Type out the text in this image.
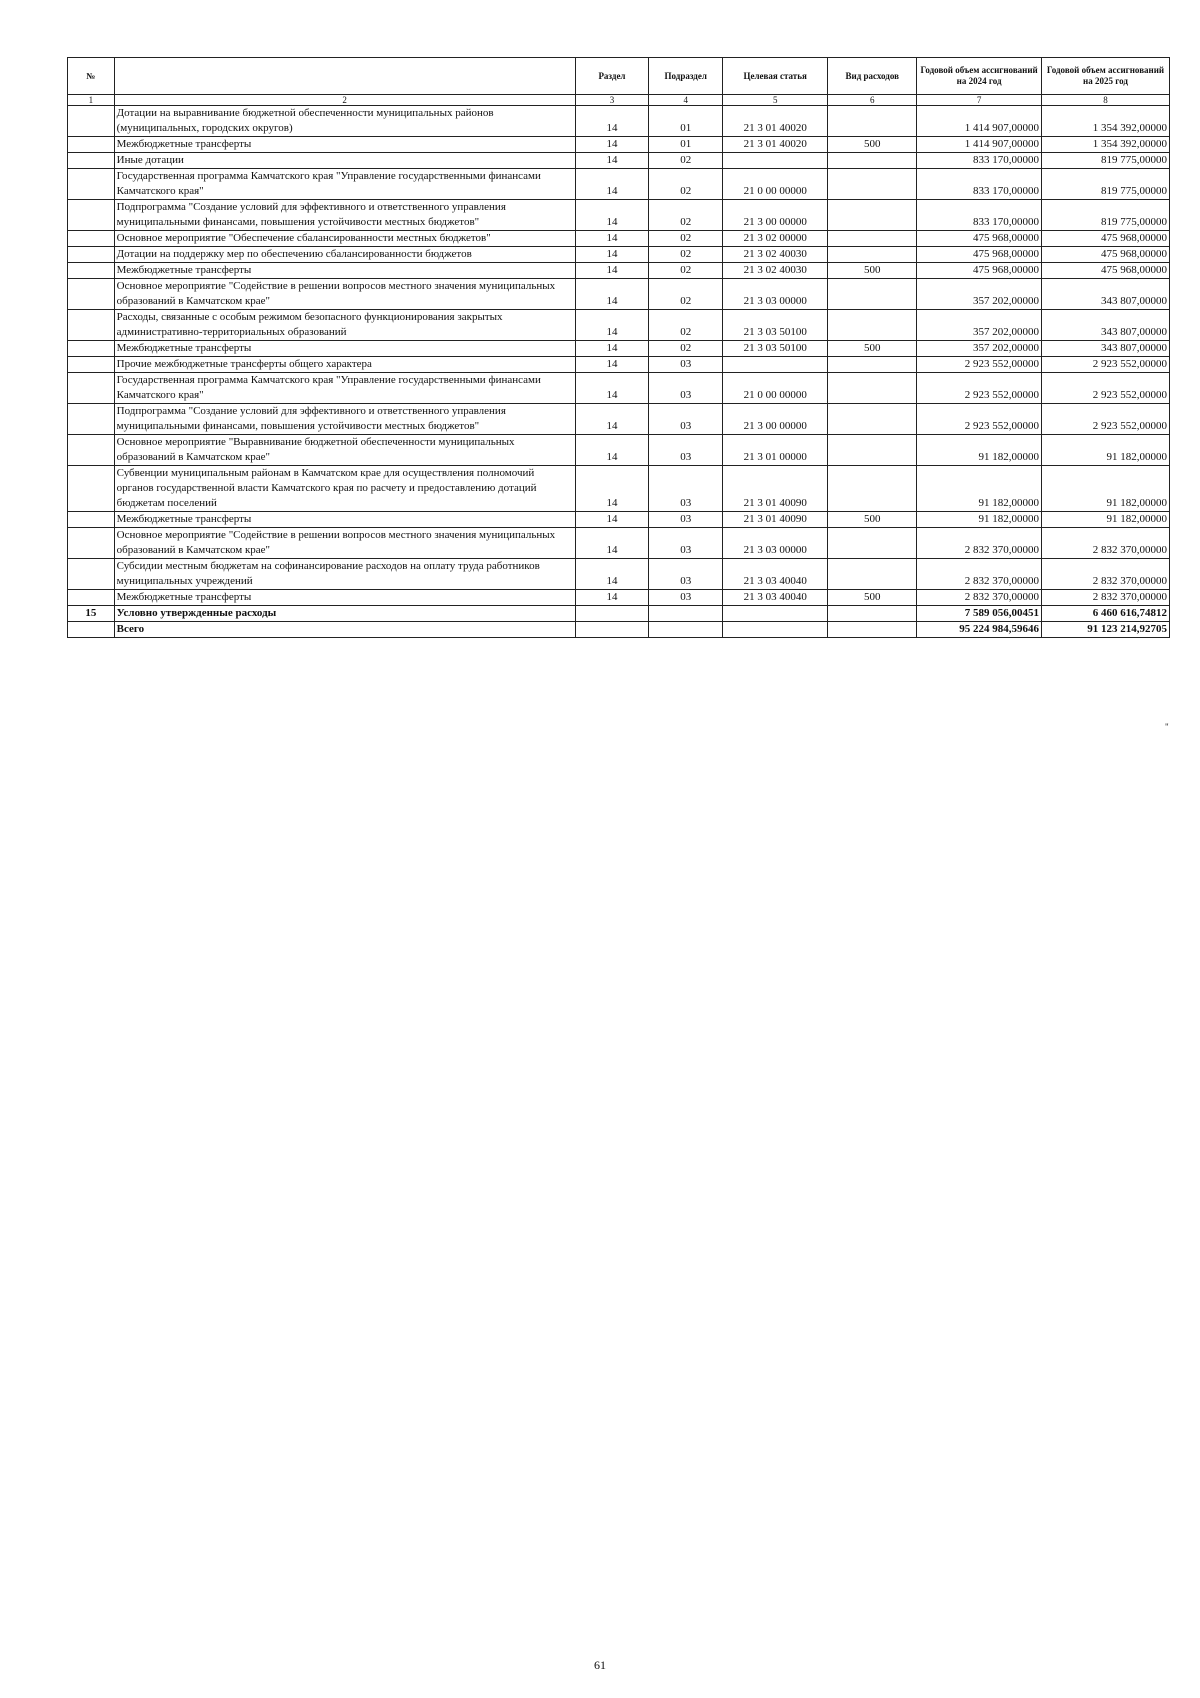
№		Раздел	Подраздел	Целевая статья	Вид расходов	Годовой объем ассигнований на 2024 год	Годовой объем ассигнований на 2025 год
1	2	3	4	5	6	7	8
	Дотации на выравнивание бюджетной обеспеченности муниципальных районов (муниципальных, городских округов)	14	01	21 3 01 40020		1 414 907,00000	1 354 392,00000
	Межбюджетные трансферты	14	01	21 3 01 40020	500	1 414 907,00000	1 354 392,00000
	Иные дотации	14	02			833 170,00000	819 775,00000
	Государственная программа Камчатского края "Управление государственными финансами Камчатского края"	14	02	21 0 00 00000		833 170,00000	819 775,00000
	Подпрограмма "Создание условий для эффективного и ответственного управления муниципальными финансами, повышения устойчивости местных бюджетов"	14	02	21 3 00 00000		833 170,00000	819 775,00000
	Основное мероприятие "Обеспечение сбалансированности местных бюджетов"	14	02	21 3 02 00000		475 968,00000	475 968,00000
	Дотации на поддержку мер по обеспечению сбалансированности бюджетов	14	02	21 3 02 40030		475 968,00000	475 968,00000
	Межбюджетные трансферты	14	02	21 3 02 40030	500	475 968,00000	475 968,00000
	Основное мероприятие "Содействие в решении вопросов местного значения муниципальных образований в Камчатском крае"	14	02	21 3 03 00000		357 202,00000	343 807,00000
	Расходы, связанные с особым режимом безопасного функционирования закрытых административно-территориальных образований	14	02	21 3 03 50100		357 202,00000	343 807,00000
	Межбюджетные трансферты	14	02	21 3 03 50100	500	357 202,00000	343 807,00000
	Прочие межбюджетные трансферты общего характера	14	03			2 923 552,00000	2 923 552,00000
	Государственная программа Камчатского края "Управление государственными финансами Камчатского края"	14	03	21 0 00 00000		2 923 552,00000	2 923 552,00000
	Подпрограмма "Создание условий для эффективного и ответственного управления муниципальными финансами, повышения устойчивости местных бюджетов"	14	03	21 3 00 00000		2 923 552,00000	2 923 552,00000
	Основное мероприятие "Выравнивание бюджетной обеспеченности муниципальных образований в Камчатском крае"	14	03	21 3 01 00000		91 182,00000	91 182,00000
	Субвенции муниципальным районам в Камчатском крае для осуществления полномочий органов государственной власти Камчатского края по расчету и предоставлению дотаций бюджетам поселений	14	03	21 3 01 40090		91 182,00000	91 182,00000
	Межбюджетные трансферты	14	03	21 3 01 40090	500	91 182,00000	91 182,00000
	Основное мероприятие "Содействие в решении вопросов местного значения муниципальных образований в Камчатском крае"	14	03	21 3 03 00000		2 832 370,00000	2 832 370,00000
	Субсидии местным бюджетам на софинансирование расходов на оплату труда работников муниципальных учреждений	14	03	21 3 03 40040		2 832 370,00000	2 832 370,00000
	Межбюджетные трансферты	14	03	21 3 03 40040	500	2 832 370,00000	2 832 370,00000
15	Условно утвержденные расходы					7 589 056,00451	6 460 616,74812
	Всего					95 224 984,59646	91 123 214,92705
"
61
